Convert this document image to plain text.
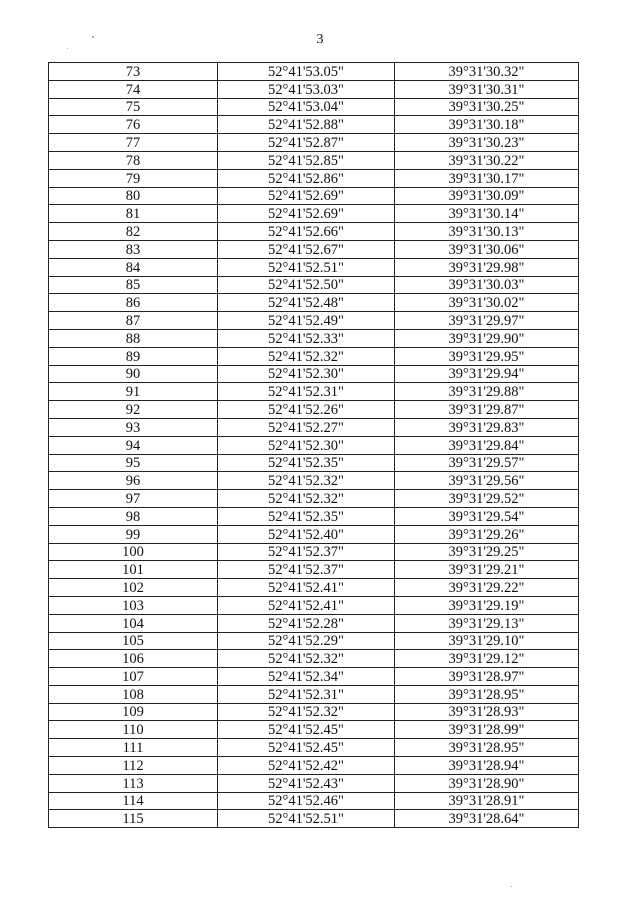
3
73	52°41'53.05"	39°31'30.32"
74	52°41'53.03"	39°31'30.31"
75	52°41'53.04"	39°31'30.25"
76	52°41'52.88"	39°31'30.18"
77	52°41'52.87"	39°31'30.23"
78	52°41'52.85"	39°31'30.22"
79	52°41'52.86"	39°31'30.17"
80	52°41'52.69"	39°31'30.09"
81	52°41'52.69"	39°31'30.14"
82	52°41'52.66"	39°31'30.13"
83	52°41'52.67"	39°31'30.06"
84	52°41'52.51"	39°31'29.98"
85	52°41'52.50"	39°31'30.03"
86	52°41'52.48"	39°31'30.02"
87	52°41'52.49"	39°31'29.97"
88	52°41'52.33"	39°31'29.90"
89	52°41'52.32"	39°31'29.95"
90	52°41'52.30"	39°31'29.94"
91	52°41'52.31"	39°31'29.88"
92	52°41'52.26"	39°31'29.87"
93	52°41'52.27"	39°31'29.83"
94	52°41'52.30"	39°31'29.84"
95	52°41'52.35"	39°31'29.57"
96	52°41'52.32"	39°31'29.56"
97	52°41'52.32"	39°31'29.52"
98	52°41'52.35"	39°31'29.54"
99	52°41'52.40"	39°31'29.26"
100	52°41'52.37"	39°31'29.25"
101	52°41'52.37"	39°31'29.21"
102	52°41'52.41"	39°31'29.22"
103	52°41'52.41"	39°31'29.19"
104	52°41'52.28"	39°31'29.13"
105	52°41'52.29"	39°31'29.10"
106	52°41'52.32"	39°31'29.12"
107	52°41'52.34"	39°31'28.97"
108	52°41'52.31"	39°31'28.95"
109	52°41'52.32"	39°31'28.93"
110	52°41'52.45"	39°31'28.99"
111	52°41'52.45"	39°31'28.95"
112	52°41'52.42"	39°31'28.94"
113	52°41'52.43"	39°31'28.90"
114	52°41'52.46"	39°31'28.91"
115	52°41'52.51"	39°31'28.64"
